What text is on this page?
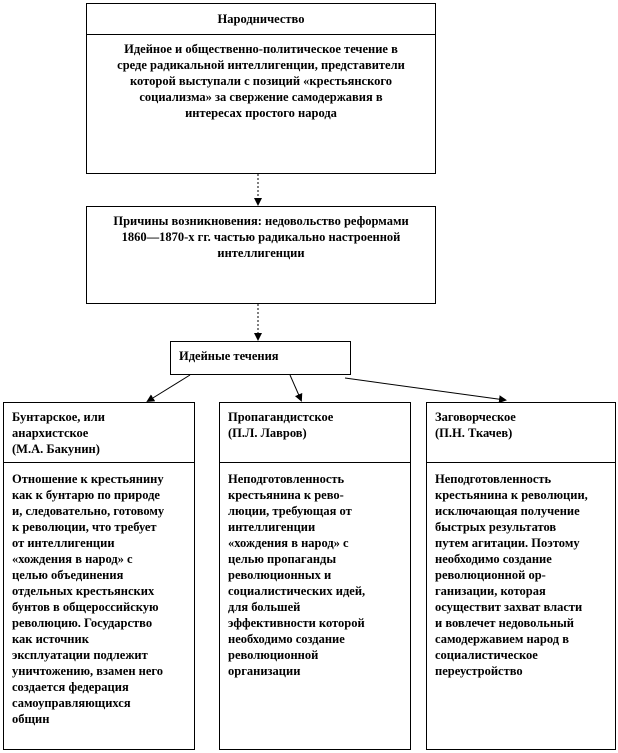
Народничество
Идейное и общественно-политическое течение в
среде радикальной интеллигенции, представители
которой выступали с позиций «крестьянского
социализма» за свержение самодержавия в
интересах простого народа
Причины возникновения: недовольство реформами
1860—1870-х гг. частью радикально настроенной
интеллигенции
Идейные течения
Бунтарское, или
анархистское
(М.А. Бакунин)
Отношение к крестьянину
как к бунтарю по природе
и, следовательно, готовому
к революции, что требует
от интеллигенции
«хождения в народ» с
целью объединения
отдельных крестьянских
бунтов в общероссийскую
революцию. Государство
как источник
эксплуатации подлежит
уничтожению, взамен него
создается федерация
самоуправляющихся
общин
Пропагандистское
(П.Л. Лавров)
Неподготовленность
крестьянина к рево-
люции, требующая от
интеллигенции
«хождения в народ» с
целью пропаганды
революционных и
социалистических идей,
для большей
эффективности которой
необходимо создание
революционной
организации
Заговорческое
(П.Н. Ткачев)
Неподготовленность
крестьянина к революции,
исключающая получение
быстрых результатов
путем агитации. Поэтому
необходимо создание
революционной ор-
ганизации, которая
осуществит захват власти
и вовлечет недовольный
самодержавием народ в
социалистическое
переустройство
